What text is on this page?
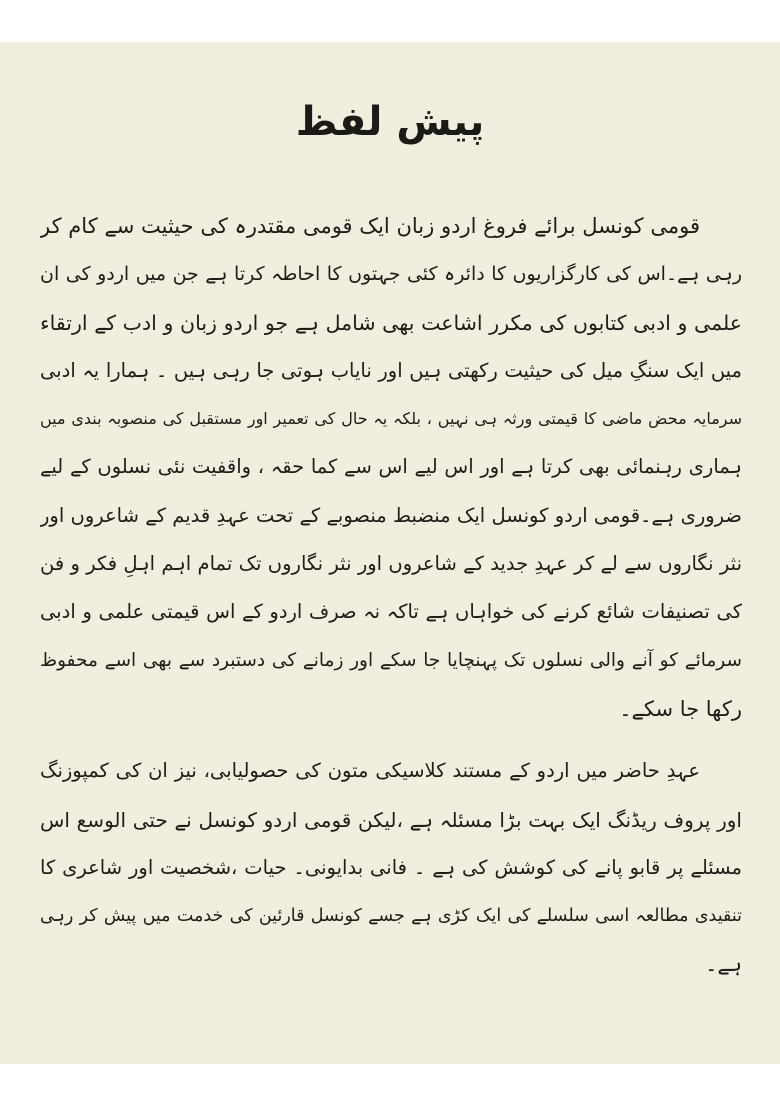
پیش لفظ
قومی کونسل برائے فروغ اردو زبان ایک قومی مقتدرہ کی حیثیت سے کام کر
رہی ہے۔اس کی کارگزاریوں کا دائرہ کئی جہتوں کا احاطہ کرتا ہے جن میں اردو کی ان
علمی و ادبی کتابوں کی مکرر اشاعت بھی شامل ہے جو اردو زبان و ادب کے ارتقاء
میں ایک سنگِ میل کی حیثیت رکھتی ہیں اور نایاب ہوتی جا رہی ہیں ۔ ہمارا یہ ادبی
سرمایہ محض ماضی کا قیمتی ورثہ ہی نہیں ، بلکہ یہ حال کی تعمیر اور مستقبل کی منصوبہ بندی میں
ہماری رہنمائی بھی کرتا ہے اور اس لیے اس سے کما حقہ ، واقفیت نئی نسلوں کے لیے
ضروری ہے۔قومی اردو کونسل ایک منضبط منصوبے کے تحت عہدِ قدیم کے شاعروں اور
نثر نگاروں سے لے کر عہدِ جدید کے شاعروں اور نثر نگاروں تک تمام اہم اہلِ فکر و فن
کی تصنیفات شائع کرنے کی خواہاں ہے تاکہ نہ صرف اردو کے اس قیمتی علمی و ادبی
سرمائے کو آنے والی نسلوں تک پہنچایا جا سکے اور زمانے کی دستبرد سے بھی اسے محفوظ
رکھا جا سکے۔
عہدِ حاضر میں اردو کے مستند کلاسیکی متون کی حصولیابی، نیز ان کی کمپوزنگ
اور پروف ریڈنگ ایک بہت بڑا مسئلہ ہے ،لیکن قومی اردو کونسل نے حتی الوسع اس
مسئلے پر قابو پانے کی کوشش کی ہے ۔ فانی بدایونی۔ حیات ،شخصیت اور شاعری کا
تنقیدی مطالعہ اسی سلسلے کی ایک کڑی ہے جسے کونسل قارئین کی خدمت میں پیش کر رہی
ہے۔
